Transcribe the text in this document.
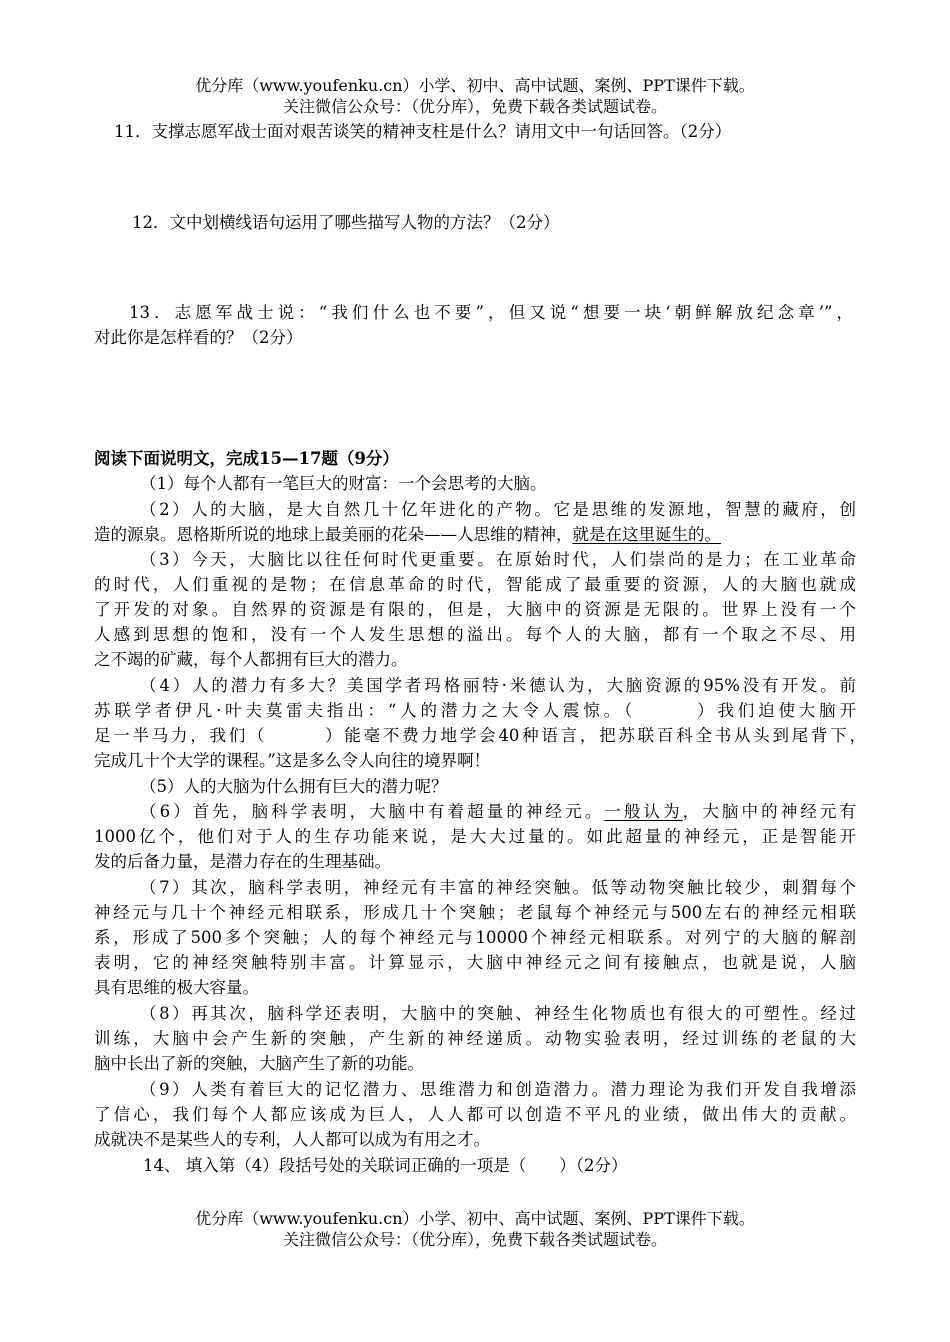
优分库（www.youfenku.cn）小学、初中、高中试题、案例、PPT课件下载。
关注微信公众号：（优分库），免费下载各类试题试卷。
11．支撑志愿军战士面对艰苦谈笑的精神支柱是什么？请用文中一句话回答。（2分）
12．文中划横线语句运用了哪些描写人物的方法？（2分）
13．志愿军战士说：“我们什么也不要”，但又说“想要一块‘朝鲜解放纪念章’”，
对此你是怎样看的？（2分）
阅读下面说明文，完成15—17题（9分）
（1）每个人都有一笔巨大的财富：一个会思考的大脑。
（2）人的大脑，是大自然几十亿年进化的产物。它是思维的发源地，智慧的藏府，创
造的源泉。恩格斯所说的地球上最美丽的花朵——人思维的精神，就是在这里诞生的。
（3）今天，大脑比以往任何时代更重要。在原始时代，人们崇尚的是力；在工业革命
的时代，人们重视的是物；在信息革命的时代，智能成了最重要的资源，人的大脑也就成
了开发的对象。自然界的资源是有限的，但是，大脑中的资源是无限的。世界上没有一个
人感到思想的饱和，没有一个人发生思想的溢出。每个人的大脑，都有一个取之不尽、用
之不竭的矿藏，每个人都拥有巨大的潜力。
（4）人的潜力有多大？美国学者玛格丽特·米德认为，大脑资源的95%没有开发。前
苏联学者伊凡·叶夫莫雷夫指出：“人的潜力之大令人震惊。（　　　）我们迫使大脑开
足一半马力，我们（　　　）能毫不费力地学会40种语言，把苏联百科全书从头到尾背下，
完成几十个大学的课程。”这是多么令人向往的境界啊！
（5）人的大脑为什么拥有巨大的潜力呢？
（6）首先，脑科学表明，大脑中有着超量的神经元。一般认为，大脑中的神经元有
1000亿个，他们对于人的生存功能来说，是大大过量的。如此超量的神经元，正是智能开
发的后备力量，是潜力存在的生理基础。
（7）其次，脑科学表明，神经元有丰富的神经突触。低等动物突触比较少，刺猬每个
神经元与几十个神经元相联系，形成几十个突触；老鼠每个神经元与500左右的神经元相联
系，形成了500多个突触；人的每个神经元与10000个神经元相联系。对列宁的大脑的解剖
表明，它的神经突触特别丰富。计算显示，大脑中神经元之间有接触点，也就是说，人脑
具有思维的极大容量。
（8）再其次，脑科学还表明，大脑中的突触、神经生化物质也有很大的可塑性。经过
训练，大脑中会产生新的突触，产生新的神经递质。动物实验表明，经过训练的老鼠的大
脑中长出了新的突触，大脑产生了新的功能。
（9）人类有着巨大的记忆潜力、思维潜力和创造潜力。潜力理论为我们开发自我增添
了信心，我们每个人都应该成为巨人，人人都可以创造不平凡的业绩，做出伟大的贡献。
成就决不是某些人的专利，人人都可以成为有用之才。
14、 填入第（4）段括号处的关联词正确的一项是（　　）（2分）
优分库（www.youfenku.cn）小学、初中、高中试题、案例、PPT课件下载。
关注微信公众号：（优分库），免费下载各类试题试卷。
